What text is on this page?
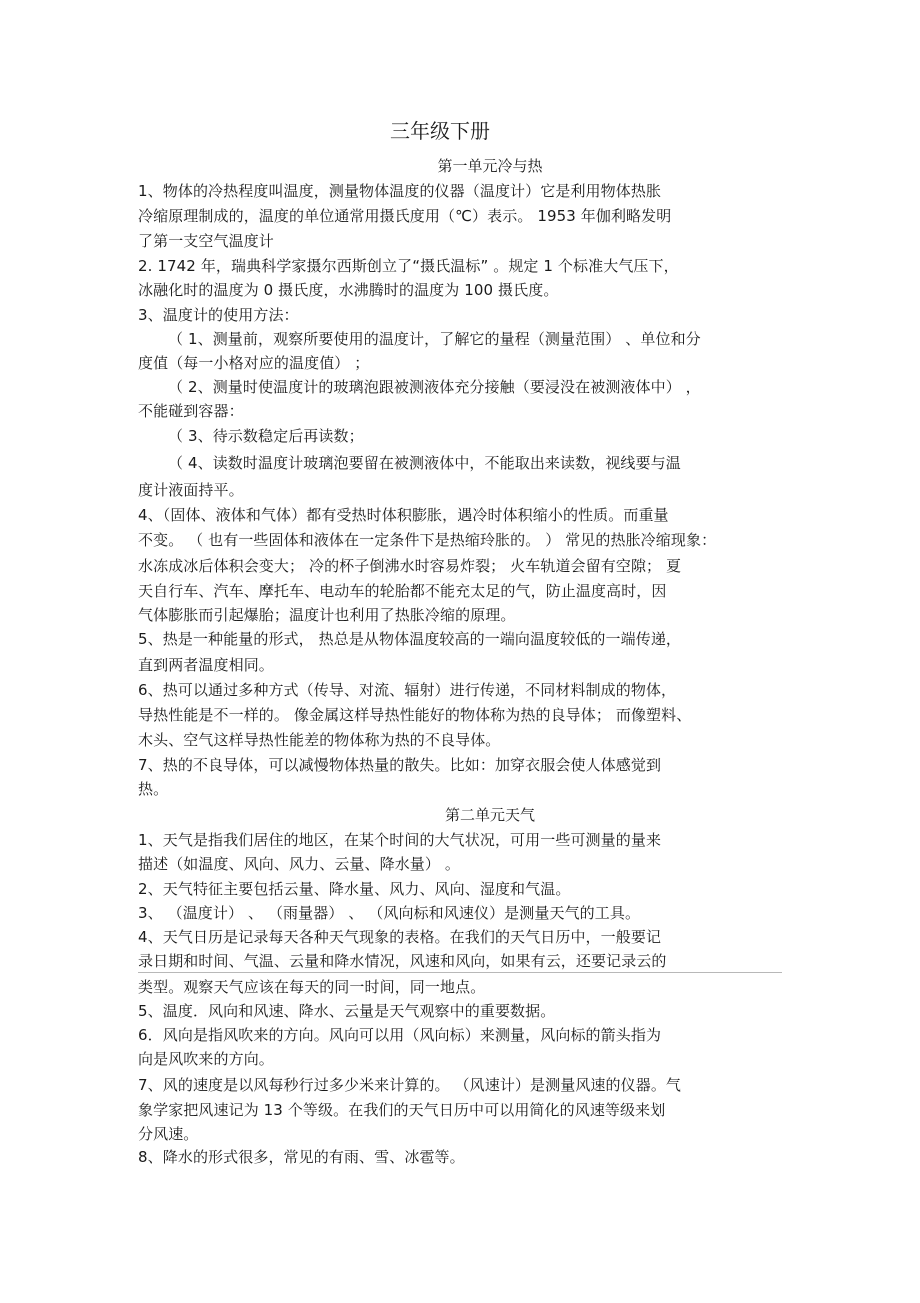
三年级下册
第一单元冷与热
1、物体的冷热程度叫温度，测量物体温度的仪器（温度计）它是利用物体热胀
冷缩原理制成的，温度的单位通常用摄氏度用（℃）表示。 1953 年伽利略发明
了第一支空气温度计
2. 1742 年，瑞典科学家摄尔西斯创立了“摄氏温标” 。规定 1 个标准大气压下，
冰融化时的温度为 0 摄氏度，水沸腾时的温度为 100 摄氏度。
3、温度计的使用方法：
（ 1、测量前，观察所要使用的温度计，了解它的量程（测量范围） 、单位和分
度值（每一小格对应的温度值） ；
（ 2、测量时使温度计的玻璃泡跟被测液体充分接触（要浸没在被测液体中） ，
不能碰到容器：
（ 3、待示数稳定后再读数；
（ 4、读数时温度计玻璃泡要留在被测液体中，不能取出来读数，视线要与温
度计液面持平。
4、（固体、液体和气体）都有受热时体积膨胀，遇冷时体积缩小的性质。而重量
不变。 （ 也有一些固体和液体在一定条件下是热缩玲胀的。 ） 常见的热胀冷缩现象：
水冻成冰后体积会变大； 冷的杯子倒沸水时容易炸裂； 火车轨道会留有空隙； 夏
天自行车、汽车、摩托车、电动车的轮胎都不能充太足的气，防止温度高时，因
气体膨胀而引起爆胎；温度计也利用了热胀冷缩的原理。
5、热是一种能量的形式， 热总是从物体温度较高的一端向温度较低的一端传递，
直到两者温度相同。
6、热可以通过多种方式（传导、对流、辐射）进行传递，不同材料制成的物体，
导热性能是不一样的。 像金属这样导热性能好的物体称为热的良导体； 而像塑料、
木头、空气这样导热性能差的物体称为热的不良导体。
7、热的不良导体，可以减慢物体热量的散失。比如：加穿衣服会使人体感觉到
热。
第二单元天气
1、天气是指我们居住的地区，在某个时间的大气状况，可用一些可测量的量来
描述（如温度、风向、风力、云量、降水量） 。
2、天气特征主要包括云量、降水量、风力、风向、湿度和气温。
3、 （温度计） 、 （雨量器） 、 （风向标和风速仪）是测量天气的工具。
4、天气日历是记录每天各种天气现象的表格。在我们的天气日历中，一般要记
录日期和时间、气温、云量和降水情况，风速和风向，如果有云，还要记录云的
类型。观察天气应该在每天的同一时间，同一地点。
5、温度．风向和风速、降水、云量是天气观察中的重要数据。
6．风向是指风吹来的方向。风向可以用（风向标）来测量，风向标的箭头指为
向是风吹来的方向。
7、风的速度是以风每秒行过多少米来计算的。 （风速计）是测量风速的仪器。气
象学家把风速记为 13 个等级。在我们的天气日历中可以用简化的风速等级来划
分风速。
8、降水的形式很多，常见的有雨、雪、冰雹等。
